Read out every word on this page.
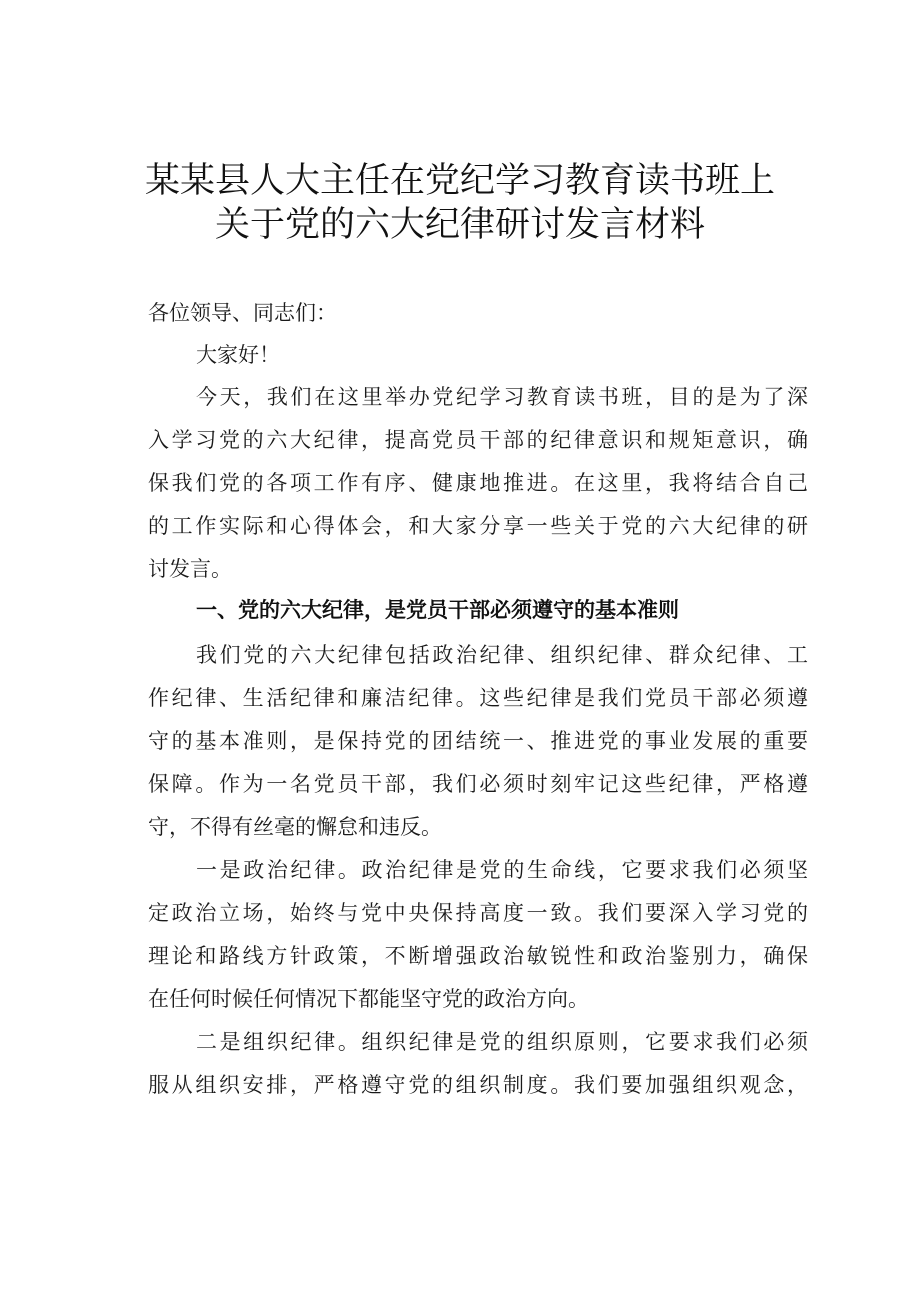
某某县人大主任在党纪学习教育读书班上
关于党的六大纪律研讨发言材料
各位领导、同志们：
大家好！
今天，我们在这里举办党纪学习教育读书班，目的是为了深
入学习党的六大纪律，提高党员干部的纪律意识和规矩意识，确
保我们党的各项工作有序、健康地推进。在这里，我将结合自己
的工作实际和心得体会，和大家分享一些关于党的六大纪律的研
讨发言。
一、党的六大纪律，是党员干部必须遵守的基本准则
我们党的六大纪律包括政治纪律、组织纪律、群众纪律、工
作纪律、生活纪律和廉洁纪律。这些纪律是我们党员干部必须遵
守的基本准则，是保持党的团结统一、推进党的事业发展的重要
保障。作为一名党员干部，我们必须时刻牢记这些纪律，严格遵
守，不得有丝毫的懈怠和违反。
一是政治纪律。政治纪律是党的生命线，它要求我们必须坚
定政治立场，始终与党中央保持高度一致。我们要深入学习党的
理论和路线方针政策，不断增强政治敏锐性和政治鉴别力，确保
在任何时候任何情况下都能坚守党的政治方向。
二是组织纪律。组织纪律是党的组织原则，它要求我们必须
服从组织安排，严格遵守党的组织制度。我们要加强组织观念，
